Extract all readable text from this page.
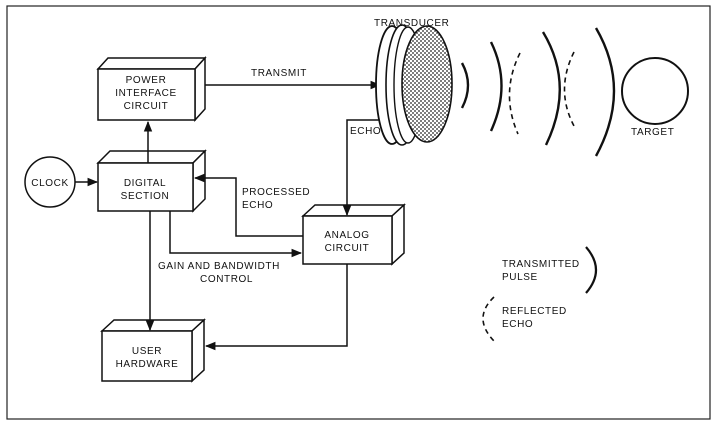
POWER
INTERFACE
CIRCUIT
DIGITAL
SECTION
ANALOG
CIRCUIT
USER
HARDWARE
CLOCK
TRANSMIT
ECHO
PROCESSED
ECHO
GAIN AND BANDWIDTH
CONTROL
TRANSDUCER
TARGET
TRANSMITTED
PULSE
REFLECTED
ECHO
